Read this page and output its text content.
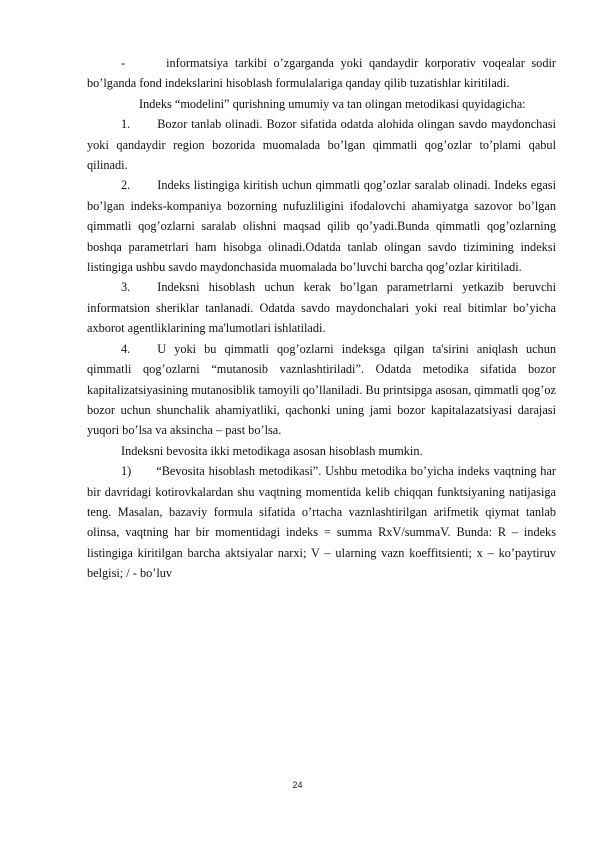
-	informatsiya tarkibi o’zgarganda yoki qandaydir korporativ voqealar sodir bo’lganda fond indekslarini hisoblash formulalariga qanday qilib tuzatishlar kiritiladi.

Indeks “modelini” qurishning umumiy va tan olingan metodikasi quyidagicha:

1. Bozor tanlab olinadi. Bozor sifatida odatda alohida olingan savdo maydonchasi yoki qandaydir region bozorida muomalada bo’lgan qimmatli qog’ozlar to’plami qabul qilinadi.

2. Indeks listingiga kiritish uchun qimmatli qog’ozlar saralab olinadi. Indeks egasi bo’lgan indeks-kompaniya bozorning nufuzliligini ifodalovchi ahamiyatga sazovor bo’lgan qimmatli qog’ozlarni saralab olishni maqsad qilib qo’yadi.Bunda qimmatli qog’ozlarning boshqa parametrlari ham hisobga olinadi.Odatda tanlab olingan savdo tizimining indeksi listingiga ushbu savdo maydonchasida muomalada bo’luvchi barcha qog’ozlar kiritiladi.

3. Indeksni hisoblash uchun kerak bo’lgan parametrlarni yetkazib beruvchi informatsion sheriklar tanlanadi. Odatda savdo maydonchalari yoki real bitimlar bo’yicha axborot agentliklarining ma'lumotlari ishlatiladi.

4. U yoki bu qimmatli qog’ozlarni indeksga qilgan ta'sirini aniqlash uchun qimmatli qog’ozlarni “mutanosib vaznlashtiriladi”. Odatda metodika sifatida bozor kapitalizatsiyasining mutanosiblik tamoyili qo’llaniladi. Bu printsipga asosan, qimmatli qog’oz bozor uchun shunchalik ahamiyatliki, qachonki uning jami bozor kapitalazatsiyasi darajasi yuqori bo’lsa va aksincha – past bo’lsa.

Indeksni bevosita ikki metodikaga asosan hisoblash mumkin.

1) “Bevosita hisoblash metodikasi”. Ushbu metodika bo’yicha indeks vaqtning har bir davridagi kotirovkalardan shu vaqtning momentida kelib chiqqan funktsiyaning natijasiga teng. Masalan, bazaviy formula sifatida o’rtacha vaznlashtirilgan arifmetik qiymat tanlab olinsa, vaqtning har bir momentidagi indeks = summa RxV/summaV. Bunda: R – indeks listingiga kiritilgan barcha aktsiyalar narxi; V – ularning vazn koeffitsienti; x – ko’paytiruv belgisi; / - bo’luv

24
